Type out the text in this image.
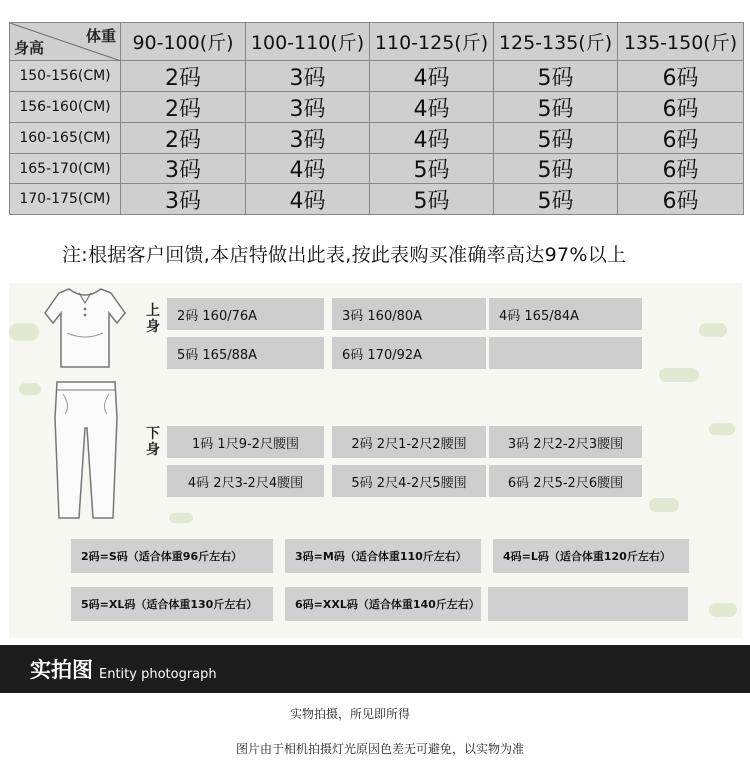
体重
身高	90-100(斤) 100-110(斤) 110-125(斤) 125-135(斤) 135-150(斤)
150-156(CM)	2码	3码	4码	5码	6码
156-160(CM)	2码	3码	4码	5码	6码
160-165(CM)	2码	3码	4码	5码	6码
165-170(CM)	3码	4码	5码	5码	6码
170-175(CM)	3码	4码	5码	5码	6码
注:根据客户回馈,本店特做出此表,按此表购买准确率高达97%以上
上身
2码 160/76A	3码 160/80A	4码 165/84A
5码 165/88A	6码 170/92A
下身	1码 1尺9-2尺腰围	2码 2尺1-2尺2腰围	3码 2尺2-2尺3腰围
4码 2尺3-2尺4腰围	5码 2尺4-2尺5腰围	6码 2尺5-2尺6腰围
2码=S码（适合体重96斤左右）	3码=M码（适合体重110斤左右）	4码=L码（适合体重120斤左右）
5码=XL码（适合体重130斤左右）	6码=XXL码（适合体重140斤左右）
实拍图 Entity photograph
实物拍摄，所见即所得
图片由于相机拍摄灯光原因色差无可避免，以实物为准
